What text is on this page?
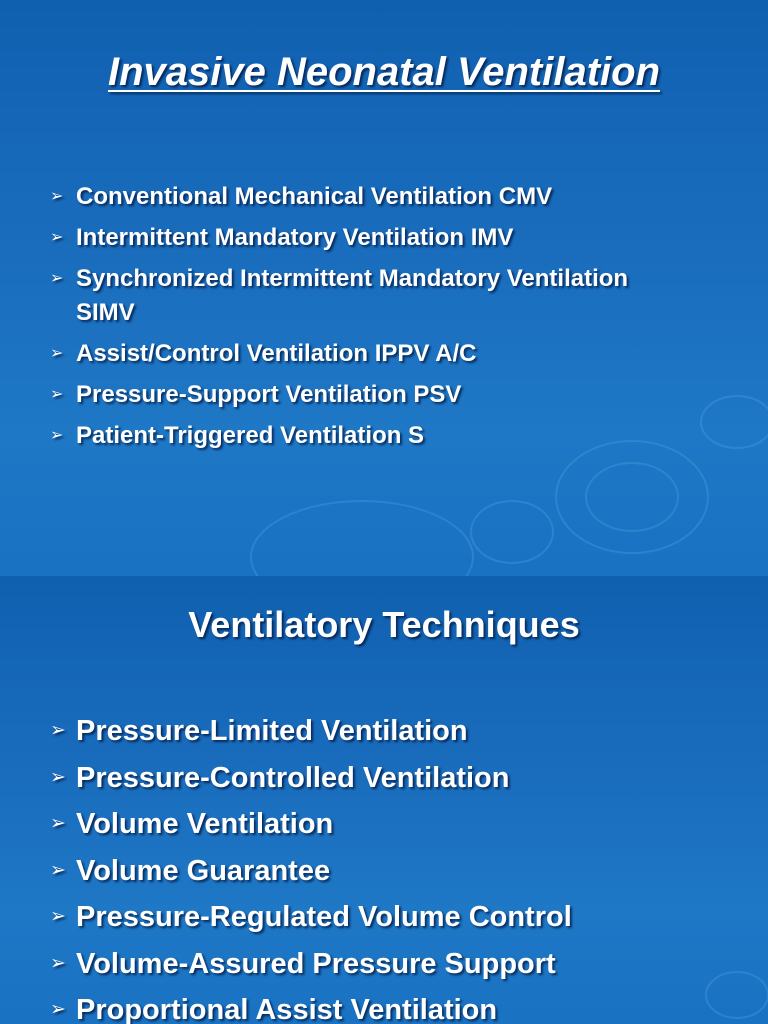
Invasive Neonatal Ventilation
➢ Conventional Mechanical Ventilation CMV
➢ Intermittent Mandatory Ventilation IMV
➢ Synchronized Intermittent Mandatory Ventilation SIMV
➢ Assist/Control Ventilation IPPV A/C
➢ Pressure-Support Ventilation PSV
➢ Patient-Triggered Ventilation S
Ventilatory Techniques
➢ Pressure-Limited Ventilation
➢ Pressure-Controlled Ventilation
➢ Volume Ventilation
➢ Volume Guarantee
➢ Pressure-Regulated Volume Control
➢ Volume-Assured Pressure Support
➢ Proportional Assist Ventilation
